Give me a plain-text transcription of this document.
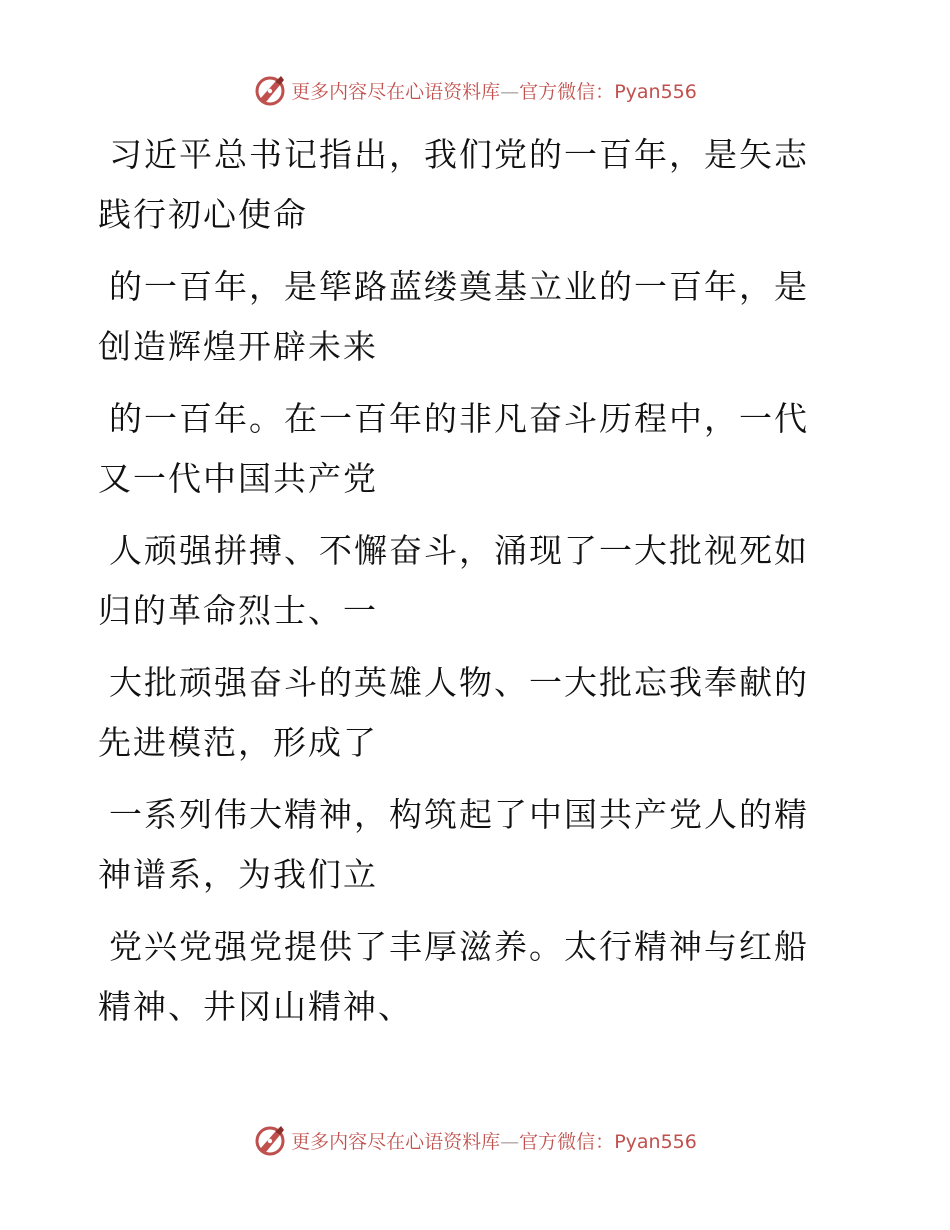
更多内容尽在心语资料库—官方微信：Pyan556

习近平总书记指出，我们党的一百年，是矢志践行初心使命

的一百年，是筚路蓝缕奠基立业的一百年，是创造辉煌开辟未来

的一百年。在一百年的非凡奋斗历程中，一代又一代中国共产党

人顽强拼搏、不懈奋斗，涌现了一大批视死如归的革命烈士、一

大批顽强奋斗的英雄人物、一大批忘我奉献的先进模范，形成了

一系列伟大精神，构筑起了中国共产党人的精神谱系，为我们立

党兴党强党提供了丰厚滋养。太行精神与红船精神、井冈山精神、

更多内容尽在心语资料库—官方微信：Pyan556
